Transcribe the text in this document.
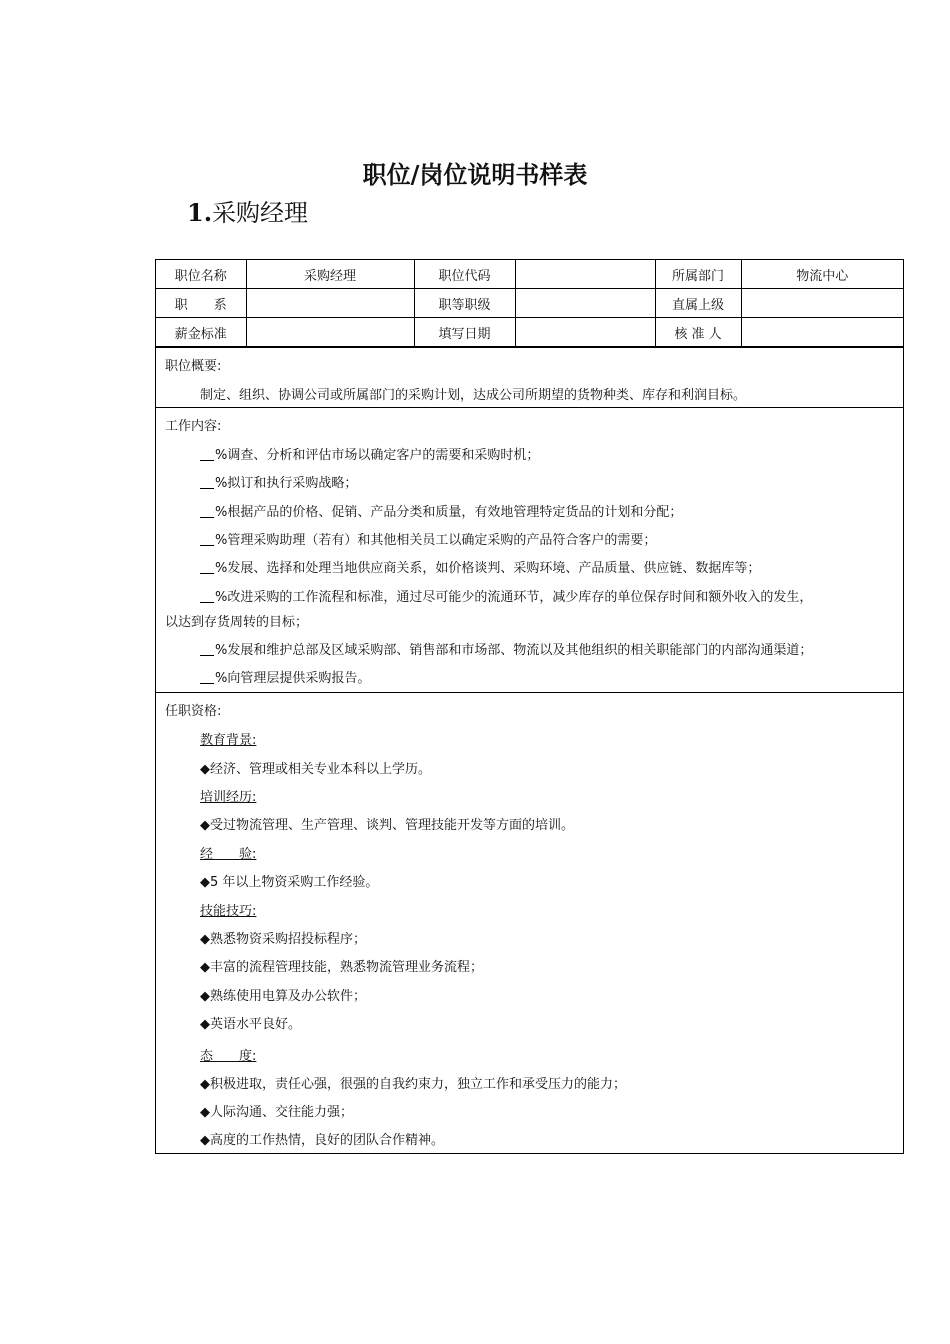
职位/岗位说明书样表
1.采购经理
职位名称	采购经理	职位代码		所属部门	物流中心
职　　系		职等职级		直属上级	
薪金标准		填写日期		核 准 人	
职位概要:
制定、组织、协调公司或所属部门的采购计划，达成公司所期望的货物种类、库存和利润目标。
工作内容:
%调查、分析和评估市场以确定客户的需要和采购时机；
%拟订和执行采购战略；
%根据产品的价格、促销、产品分类和质量，有效地管理特定货品的计划和分配；
%管理采购助理（若有）和其他相关员工以确定采购的产品符合客户的需要；
%发展、选择和处理当地供应商关系，如价格谈判、采购环境、产品质量、供应链、数据库等；
%改进采购的工作流程和标准，通过尽可能少的流通环节，减少库存的单位保存时间和额外收入的发生，
以达到存货周转的目标；
%发展和维护总部及区域采购部、销售部和市场部、物流以及其他组织的相关职能部门的内部沟通渠道；
%向管理层提供采购报告。
任职资格:
教育背景:
◆经济、管理或相关专业本科以上学历。
培训经历:
◆受过物流管理、生产管理、谈判、管理技能开发等方面的培训。
经　　验:
◆5 年以上物资采购工作经验。
技能技巧:
◆熟悉物资采购招投标程序；
◆丰富的流程管理技能，熟悉物流管理业务流程；
◆熟练使用电算及办公软件；
◆英语水平良好。
态　　度:
◆积极进取，责任心强，很强的自我约束力，独立工作和承受压力的能力；
◆人际沟通、交往能力强；
◆高度的工作热情，良好的团队合作精神。
